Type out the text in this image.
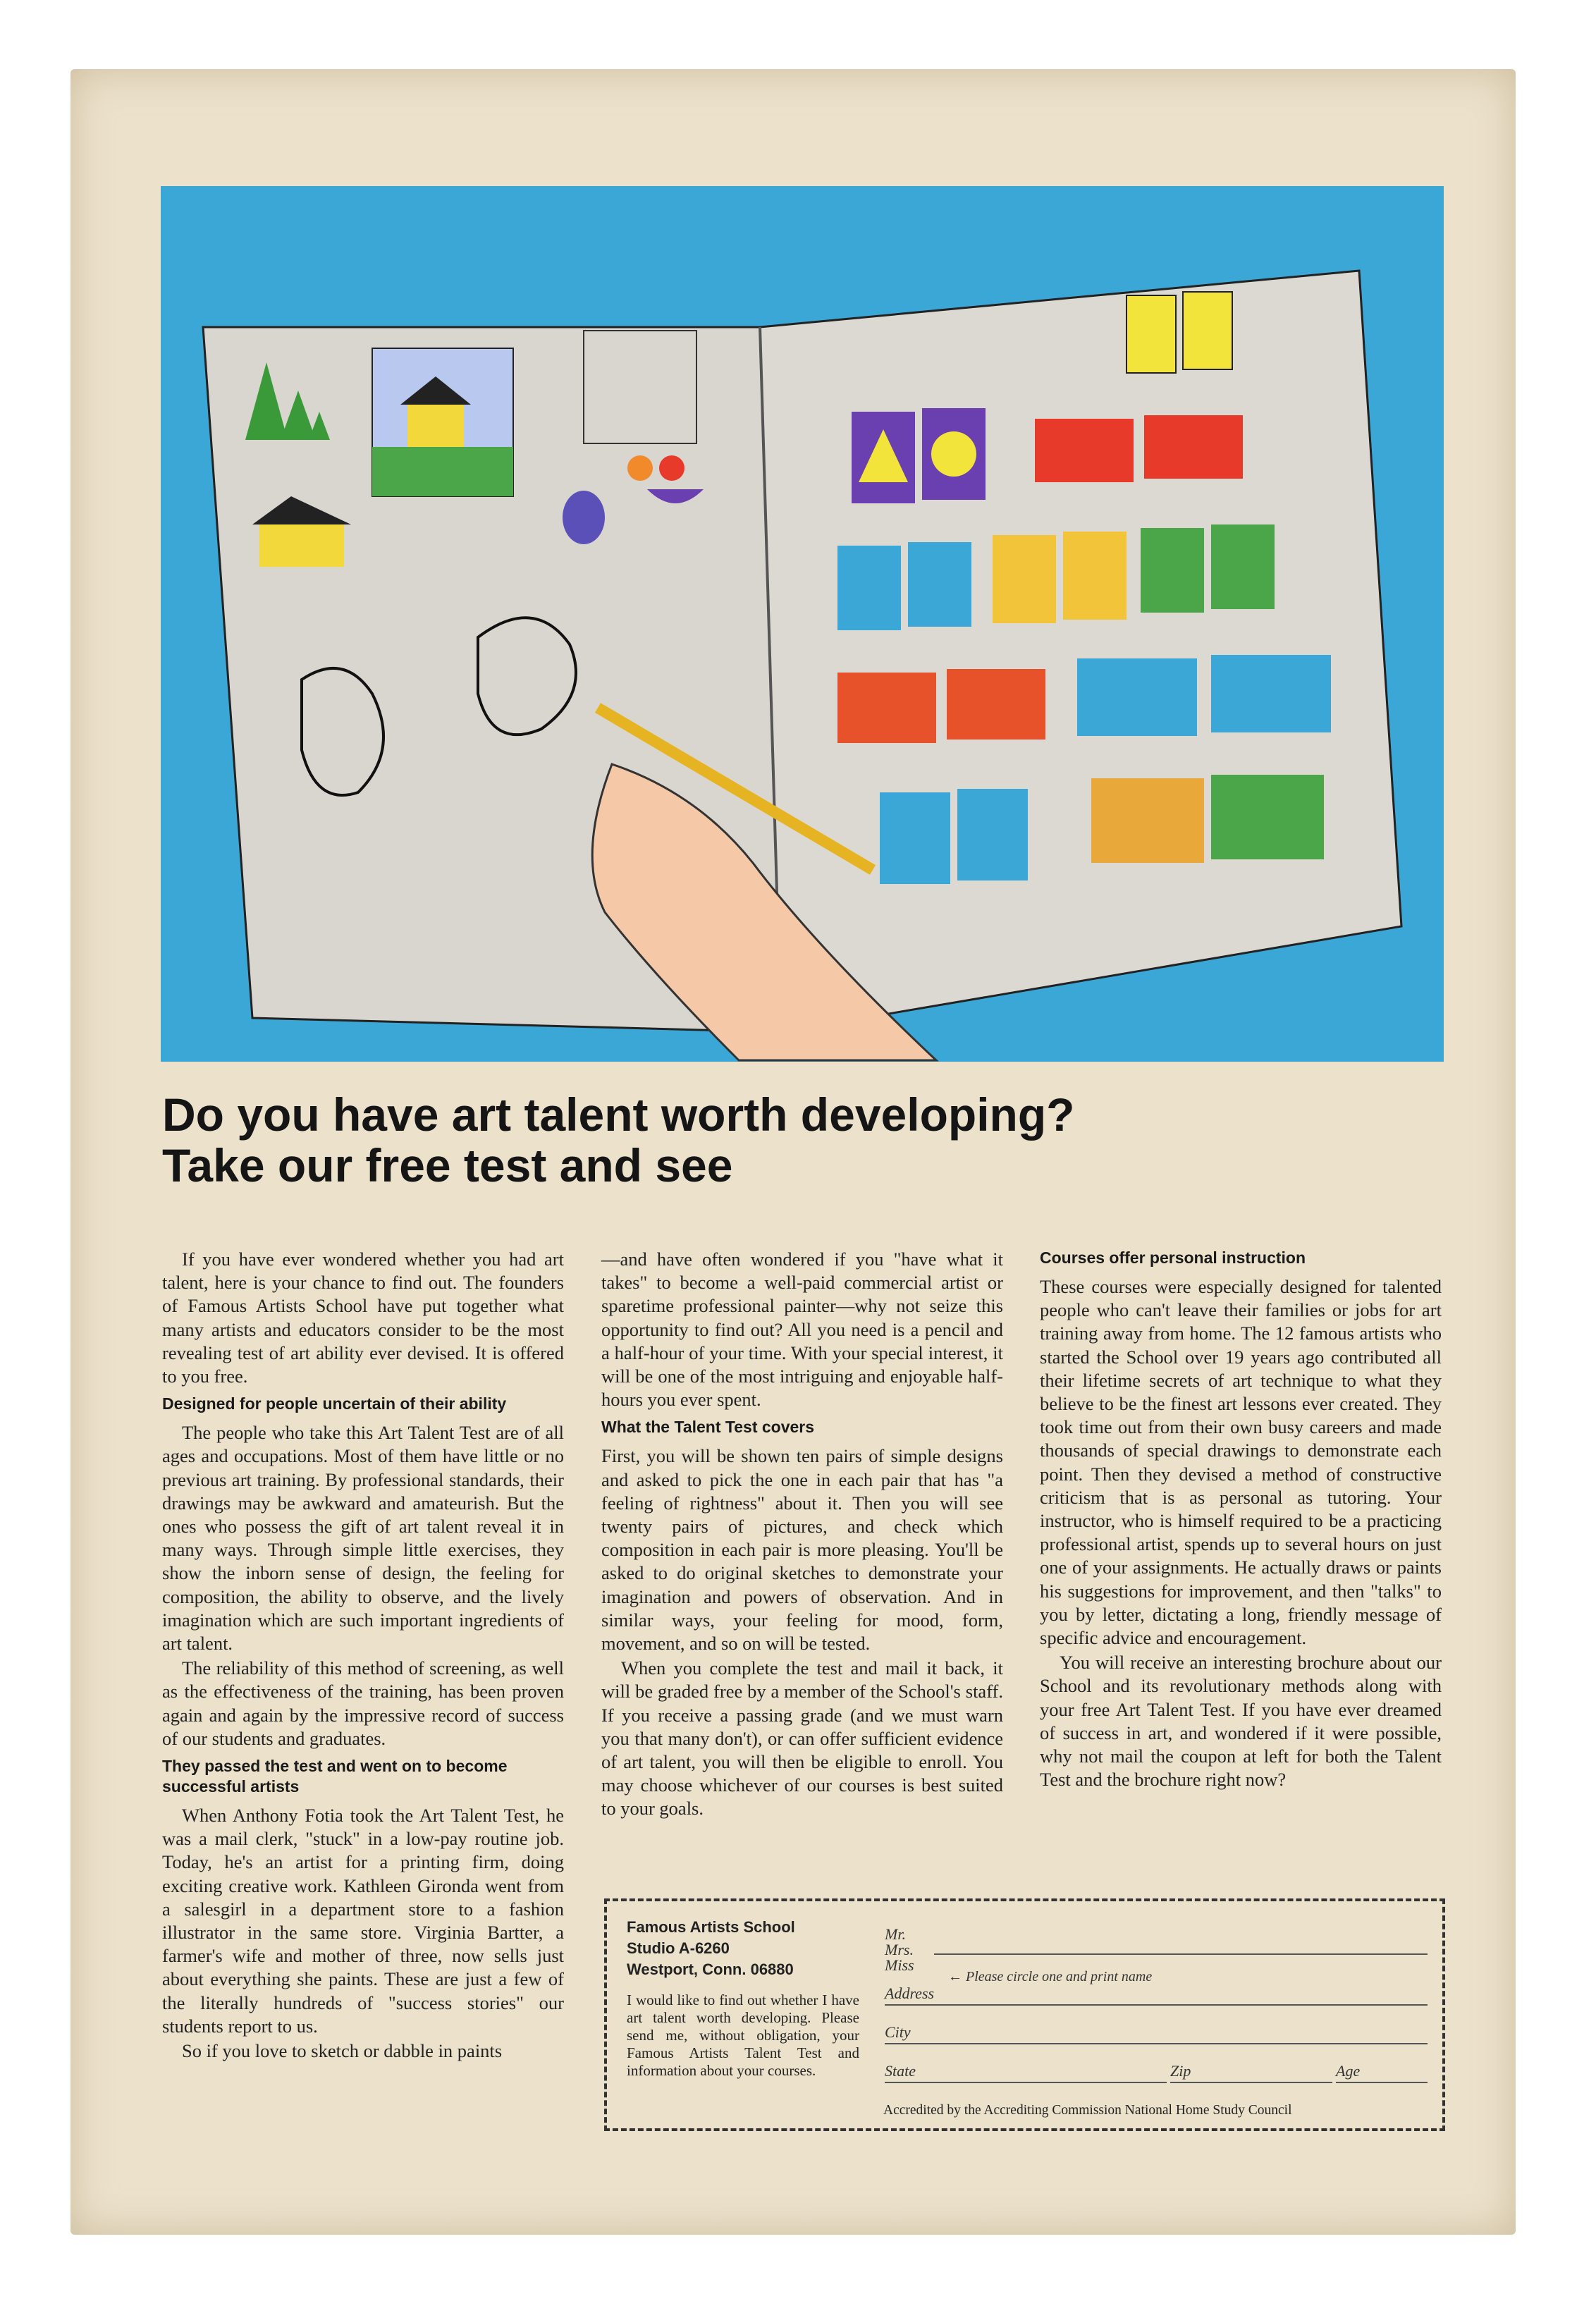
Do you have art talent worth developing?
Take our free test and see

If you have ever wondered whether you had art talent, here is your chance to find out. The founders of Famous Artists School have put together what many artists and educators consider to be the most revealing test of art ability ever devised. It is offered to you free.

Designed for people uncertain of their ability

The people who take this Art Talent Test are of all ages and occupations. Most of them have little or no previous art training. By professional standards, their drawings may be awkward and amateurish. But the ones who possess the gift of art talent reveal it in many ways. Through simple little exercises, they show the inborn sense of design, the feeling for composition, the ability to observe, and the lively imagination which are such important ingredients of art talent.

The reliability of this method of screening, as well as the effectiveness of the training, has been proven again and again by the impressive record of success of our students and graduates.

They passed the test and went on to become successful artists

When Anthony Fotia took the Art Talent Test, he was a mail clerk, "stuck" in a low-pay routine job. Today, he's an artist for a printing firm, doing exciting creative work. Kathleen Gironda went from a salesgirl in a department store to a fashion illustrator in the same store. Virginia Bartter, a farmer's wife and mother of three, now sells just about everything she paints. These are just a few of the literally hundreds of "success stories" our students report to us.

So if you love to sketch or dabble in paints

—and have often wondered if you "have what it takes" to become a well-paid commercial artist or sparetime professional painter—why not seize this opportunity to find out? All you need is a pencil and a half-hour of your time. With your special interest, it will be one of the most intriguing and enjoyable half-hours you ever spent.

What the Talent Test covers

First, you will be shown ten pairs of simple designs and asked to pick the one in each pair that has "a feeling of rightness" about it. Then you will see twenty pairs of pictures, and check which composition in each pair is more pleasing. You'll be asked to do original sketches to demonstrate your imagination and powers of observation. And in similar ways, your feeling for mood, form, movement, and so on will be tested.

When you complete the test and mail it back, it will be graded free by a member of the School's staff. If you receive a passing grade (and we must warn you that many don't), or can offer sufficient evidence of art talent, you will then be eligible to enroll. You may choose whichever of our courses is best suited to your goals.

Courses offer personal instruction

These courses were especially designed for talented people who can't leave their families or jobs for art training away from home. The 12 famous artists who started the School over 19 years ago contributed all their lifetime secrets of art technique to what they believe to be the finest art lessons ever created. They took time out from their own busy careers and made thousands of special drawings to demonstrate each point. Then they devised a method of constructive criticism that is as personal as tutoring. Your instructor, who is himself required to be a practicing professional artist, spends up to several hours on just one of your assignments. He actually draws or paints his suggestions for improvement, and then "talks" to you by letter, dictating a long, friendly message of specific advice and encouragement.

You will receive an interesting brochure about our School and its revolutionary methods along with your free Art Talent Test. If you have ever dreamed of success in art, and wondered if it were possible, why not mail the coupon at left for both the Talent Test and the brochure right now?

Famous Artists School
Studio A-6260
Westport, Conn. 06880
I would like to find out whether I have art talent worth developing. Please send me, without obligation, your Famous Artists Talent Test and information about your courses.
Mr.
Mrs.
Miss
← Please circle one and print name
Address
City
State	Zip	Age
Accredited by the Accrediting Commission National Home Study Council
